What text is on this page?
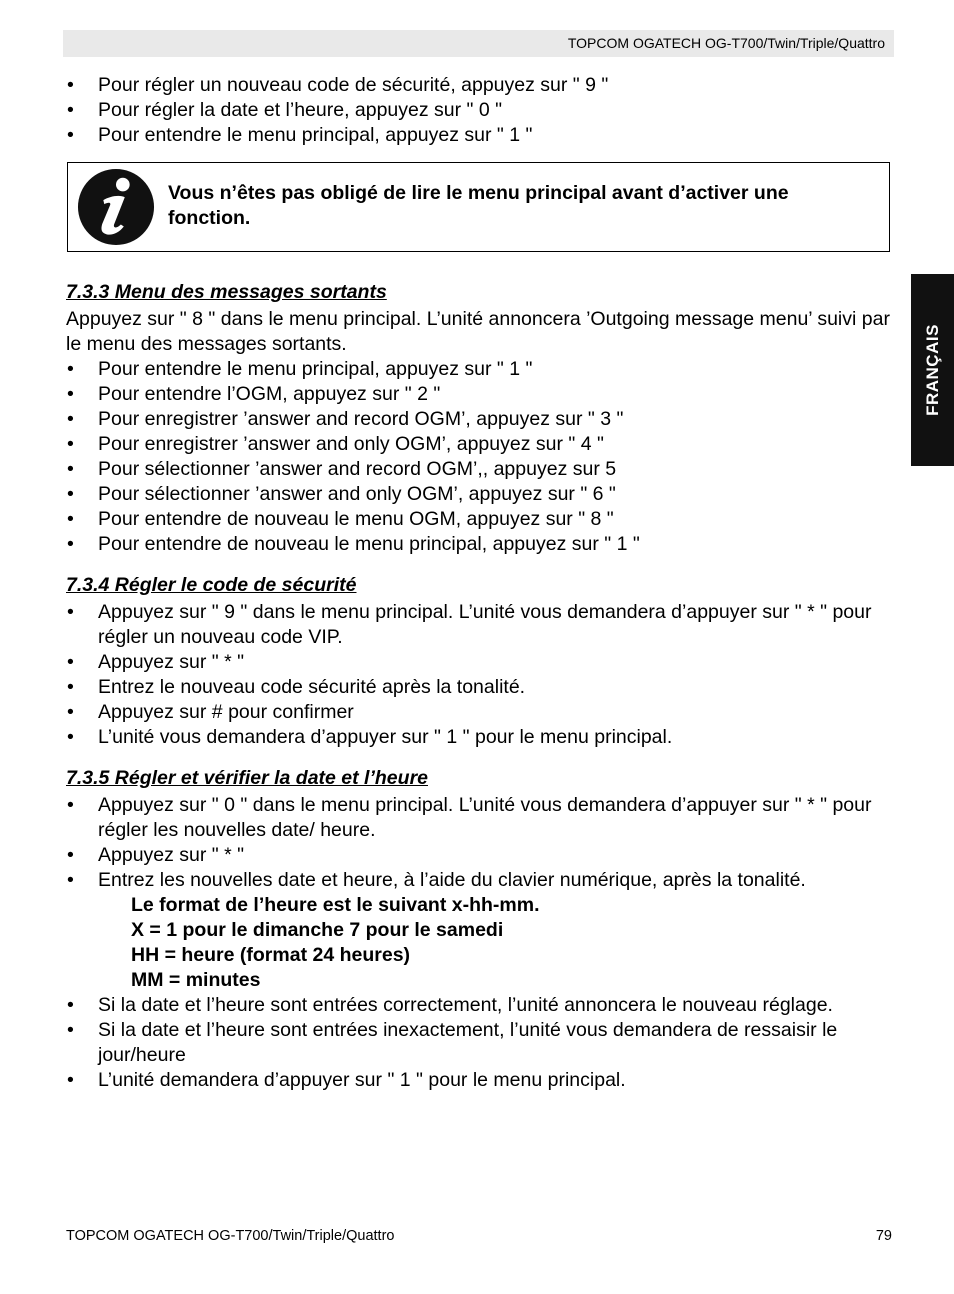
TOPCOM OGATECH OG-T700/Twin/Triple/Quattro
FRANÇAIS
• Pour régler un nouveau code de sécurité, appuyez sur " 9 "
• Pour régler la date et l’heure, appuyez sur " 0 "
• Pour entendre le menu principal, appuyez sur " 1 "
Vous n’êtes pas obligé de lire le menu principal avant d’activer une fonction.
7.3.3 Menu des messages sortants

Appuyez sur " 8 " dans le menu principal. L’unité annoncera ’Outgoing message menu’ suivi par le menu des messages sortants.

• Pour entendre le menu principal, appuyez sur " 1 "
• Pour entendre l’OGM, appuyez sur " 2 "
• Pour enregistrer ’answer and record OGM’, appuyez sur " 3 "
• Pour enregistrer ’answer and only OGM’, appuyez sur " 4 "
• Pour sélectionner ’answer and record OGM’,, appuyez sur 5
• Pour sélectionner ’answer and only OGM’, appuyez sur " 6 "
• Pour entendre de nouveau le menu OGM, appuyez sur " 8 "
• Pour entendre de nouveau le menu principal, appuyez sur " 1 "
7.3.4 Régler le code de sécurité
• Appuyez sur " 9 " dans le menu principal. L’unité vous demandera d’appuyer sur " * " pour régler un nouveau code VIP.
• Appuyez sur " * "
• Entrez le nouveau code sécurité après la tonalité.
• Appuyez sur # pour confirmer
• L’unité vous demandera d’appuyer sur " 1 " pour le menu principal.
7.3.5 Régler et vérifier la date et l’heure
• Appuyez sur " 0 " dans le menu principal. L’unité vous demandera d’appuyer sur " * " pour régler les nouvelles date/ heure.
• Appuyez sur " * "
• Entrez les nouvelles date et heure, à l’aide du clavier numérique, après la tonalité.
Le format de l’heure est le suivant x-hh-mm.
X = 1 pour le dimanche 7 pour le samedi
HH = heure (format 24 heures)
MM = minutes
• Si la date et l’heure sont entrées correctement, l’unité annoncera le nouveau réglage.
• Si la date et l’heure sont entrées inexactement, l’unité vous demandera de ressaisir le jour/heure
• L’unité demandera d’appuyer sur " 1 " pour le menu principal.
TOPCOM OGATECH OG-T700/Twin/Triple/Quattro	79
